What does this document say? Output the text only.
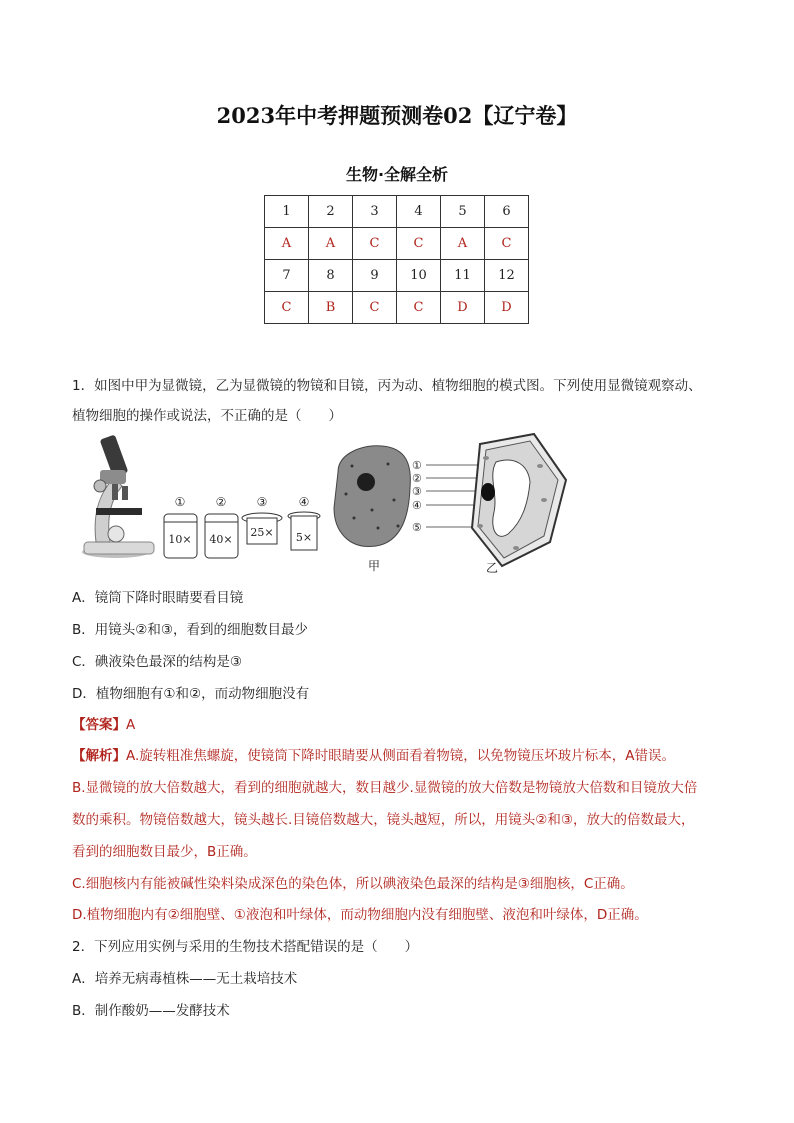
2023年中考押题预测卷02【辽宁卷】
生物·全解全析
1	2	3	4	5	6
A	A	C	C	A	C
7	8	9	10	11	12
C	B	C	C	D	D
1．如图中甲为显微镜，乙为显微镜的物镜和目镜，丙为动、植物细胞的模式图。下列使用显微镜观察动、
植物细胞的操作或说法，不正确的是（　　）
①
10×
②
40×
③
25×
④
5×
甲
①
②
③
④
⑤
乙
A．镜筒下降时眼睛要看目镜
B．用镜头②和③，看到的细胞数目最少
C．碘液染色最深的结构是③
D．植物细胞有①和②，而动物细胞没有
【答案】A
【解析】A.旋转粗准焦螺旋，使镜筒下降时眼睛要从侧面看着物镜，以免物镜压坏玻片标本，A错误。
B.显微镜的放大倍数越大，看到的细胞就越大，数目越少.显微镜的放大倍数是物镜放大倍数和目镜放大倍
数的乘积。物镜倍数越大，镜头越长.目镜倍数越大，镜头越短，所以，用镜头②和③，放大的倍数最大，
看到的细胞数目最少，B正确。
C.细胞核内有能被碱性染料染成深色的染色体，所以碘液染色最深的结构是③细胞核，C正确。
D.植物细胞内有②细胞壁、①液泡和叶绿体，而动物细胞内没有细胞壁、液泡和叶绿体，D正确。
2．下列应用实例与采用的生物技术搭配错误的是（　　）
A．培养无病毒植株——无土栽培技术
B．制作酸奶——发酵技术
